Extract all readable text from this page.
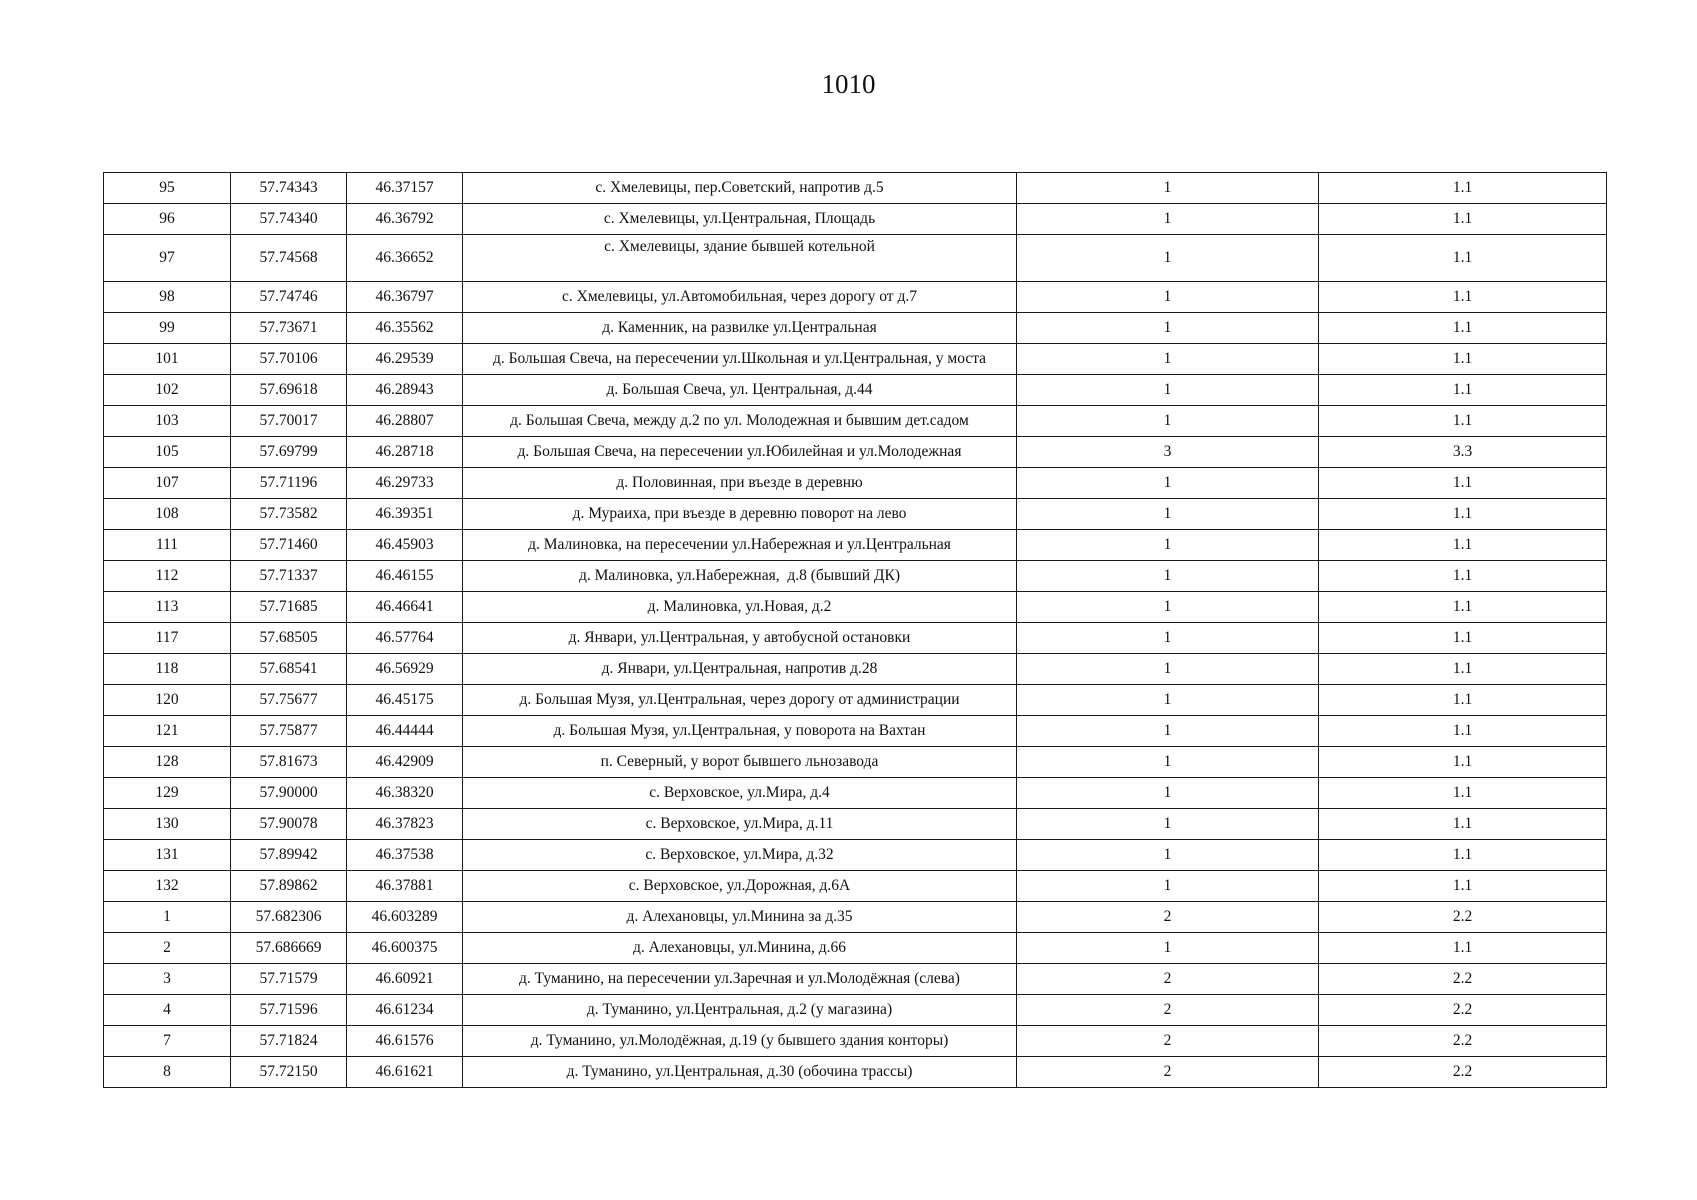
1010
95	57.74343	46.37157	с. Хмелевицы, пер.Советский, напротив д.5	1	1.1
96	57.74340	46.36792	с. Хмелевицы, ул.Центральная, Площадь	1	1.1
97	57.74568	46.36652	с. Хмелевицы, здание бывшей котельной	1	1.1
98	57.74746	46.36797	с. Хмелевицы, ул.Автомобильная, через дорогу от д.7	1	1.1
99	57.73671	46.35562	д. Каменник, на развилке ул.Центральная	1	1.1
101	57.70106	46.29539	д. Большая Свеча, на пересечении ул.Школьная и ул.Центральная, у моста	1	1.1
102	57.69618	46.28943	д. Большая Свеча, ул. Центральная, д.44	1	1.1
103	57.70017	46.28807	д. Большая Свеча, между д.2 по ул. Молодежная и бывшим дет.садом	1	1.1
105	57.69799	46.28718	д. Большая Свеча, на пересечении ул.Юбилейная и ул.Молодежная	3	3.3
107	57.71196	46.29733	д. Половинная, при въезде в деревню	1	1.1
108	57.73582	46.39351	д. Мураиха, при въезде в деревню поворот на лево	1	1.1
111	57.71460	46.45903	д. Малиновка, на пересечении ул.Набережная и ул.Центральная	1	1.1
112	57.71337	46.46155	д. Малиновка, ул.Набережная,  д.8 (бывший ДК)	1	1.1
113	57.71685	46.46641	д. Малиновка, ул.Новая, д.2	1	1.1
117	57.68505	46.57764	д. Январи, ул.Центральная, у автобусной остановки	1	1.1
118	57.68541	46.56929	д. Январи, ул.Центральная, напротив д.28	1	1.1
120	57.75677	46.45175	д. Большая Музя, ул.Центральная, через дорогу от администрации	1	1.1
121	57.75877	46.44444	д. Большая Музя, ул.Центральная, у поворота на Вахтан	1	1.1
128	57.81673	46.42909	п. Северный, у ворот бывшего льнозавода	1	1.1
129	57.90000	46.38320	с. Верховское, ул.Мира, д.4	1	1.1
130	57.90078	46.37823	с. Верховское, ул.Мира, д.11	1	1.1
131	57.89942	46.37538	с. Верховское, ул.Мира, д.32	1	1.1
132	57.89862	46.37881	с. Верховское, ул.Дорожная, д.6А	1	1.1
1	57.682306	46.603289	д. Алехановцы, ул.Минина за д.35	2	2.2
2	57.686669	46.600375	д. Алехановцы, ул.Минина, д.66	1	1.1
3	57.71579	46.60921	д. Туманино, на пересечении ул.Заречная и ул.Молодёжная (слева)	2	2.2
4	57.71596	46.61234	д. Туманино, ул.Центральная, д.2 (у магазина)	2	2.2
7	57.71824	46.61576	д. Туманино, ул.Молодёжная, д.19 (у бывшего здания конторы)	2	2.2
8	57.72150	46.61621	д. Туманино, ул.Центральная, д.30 (обочина трассы)	2	2.2
